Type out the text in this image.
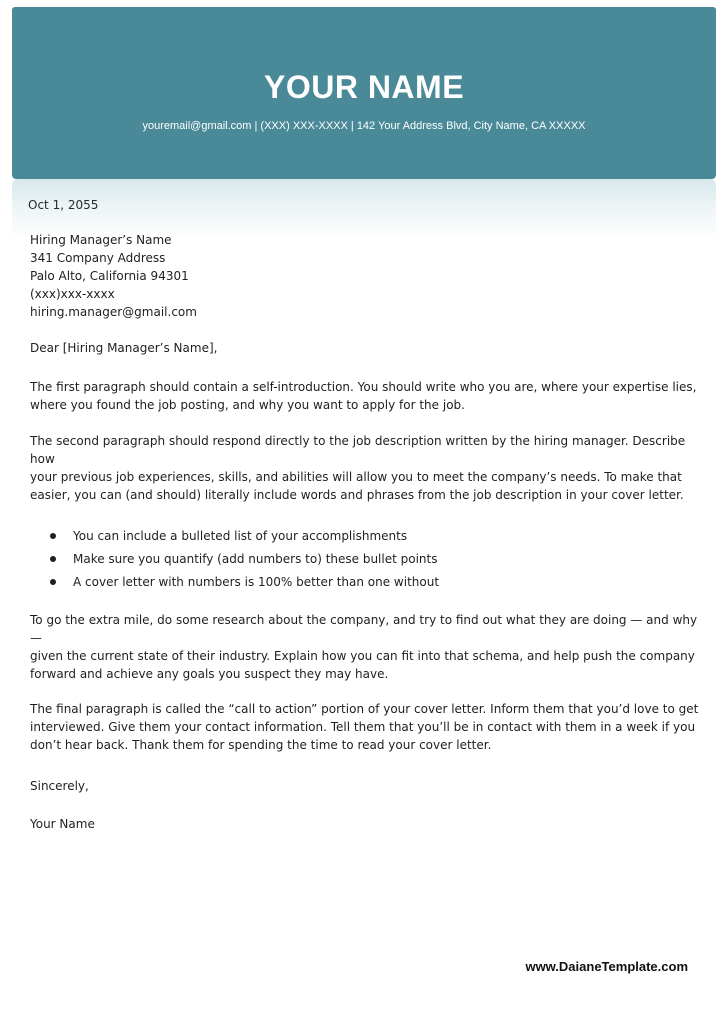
YOUR NAME
youremail@gmail.com | (XXX) XXX-XXXX | 142 Your Address Blvd, City Name, CA XXXXX
Oct 1, 2055
Hiring Manager’s Name
341 Company Address
Palo Alto, California 94301
(xxx)xxx-xxxx
hiring.manager@gmail.com
Dear [Hiring Manager’s Name],
The first paragraph should contain a self-introduction. You should write who you are, where your expertise lies,
where you found the job posting, and why you want to apply for the job.
The second paragraph should respond directly to the job description written by the hiring manager. Describe how
your previous job experiences, skills, and abilities will allow you to meet the company’s needs. To make that
easier, you can (and should) literally include words and phrases from the job description in your cover letter.
You can include a bulleted list of your accomplishments
Make sure you quantify (add numbers to) these bullet points
A cover letter with numbers is 100% better than one without
To go the extra mile, do some research about the company, and try to find out what they are doing — and why —
given the current state of their industry. Explain how you can fit into that schema, and help push the company
forward and achieve any goals you suspect they may have.
The final paragraph is called the “call to action” portion of your cover letter. Inform them that you’d love to get
interviewed. Give them your contact information. Tell them that you’ll be in contact with them in a week if you
don’t hear back. Thank them for spending the time to read your cover letter.
Sincerely,
Your Name
www.DaianeTemplate.com
